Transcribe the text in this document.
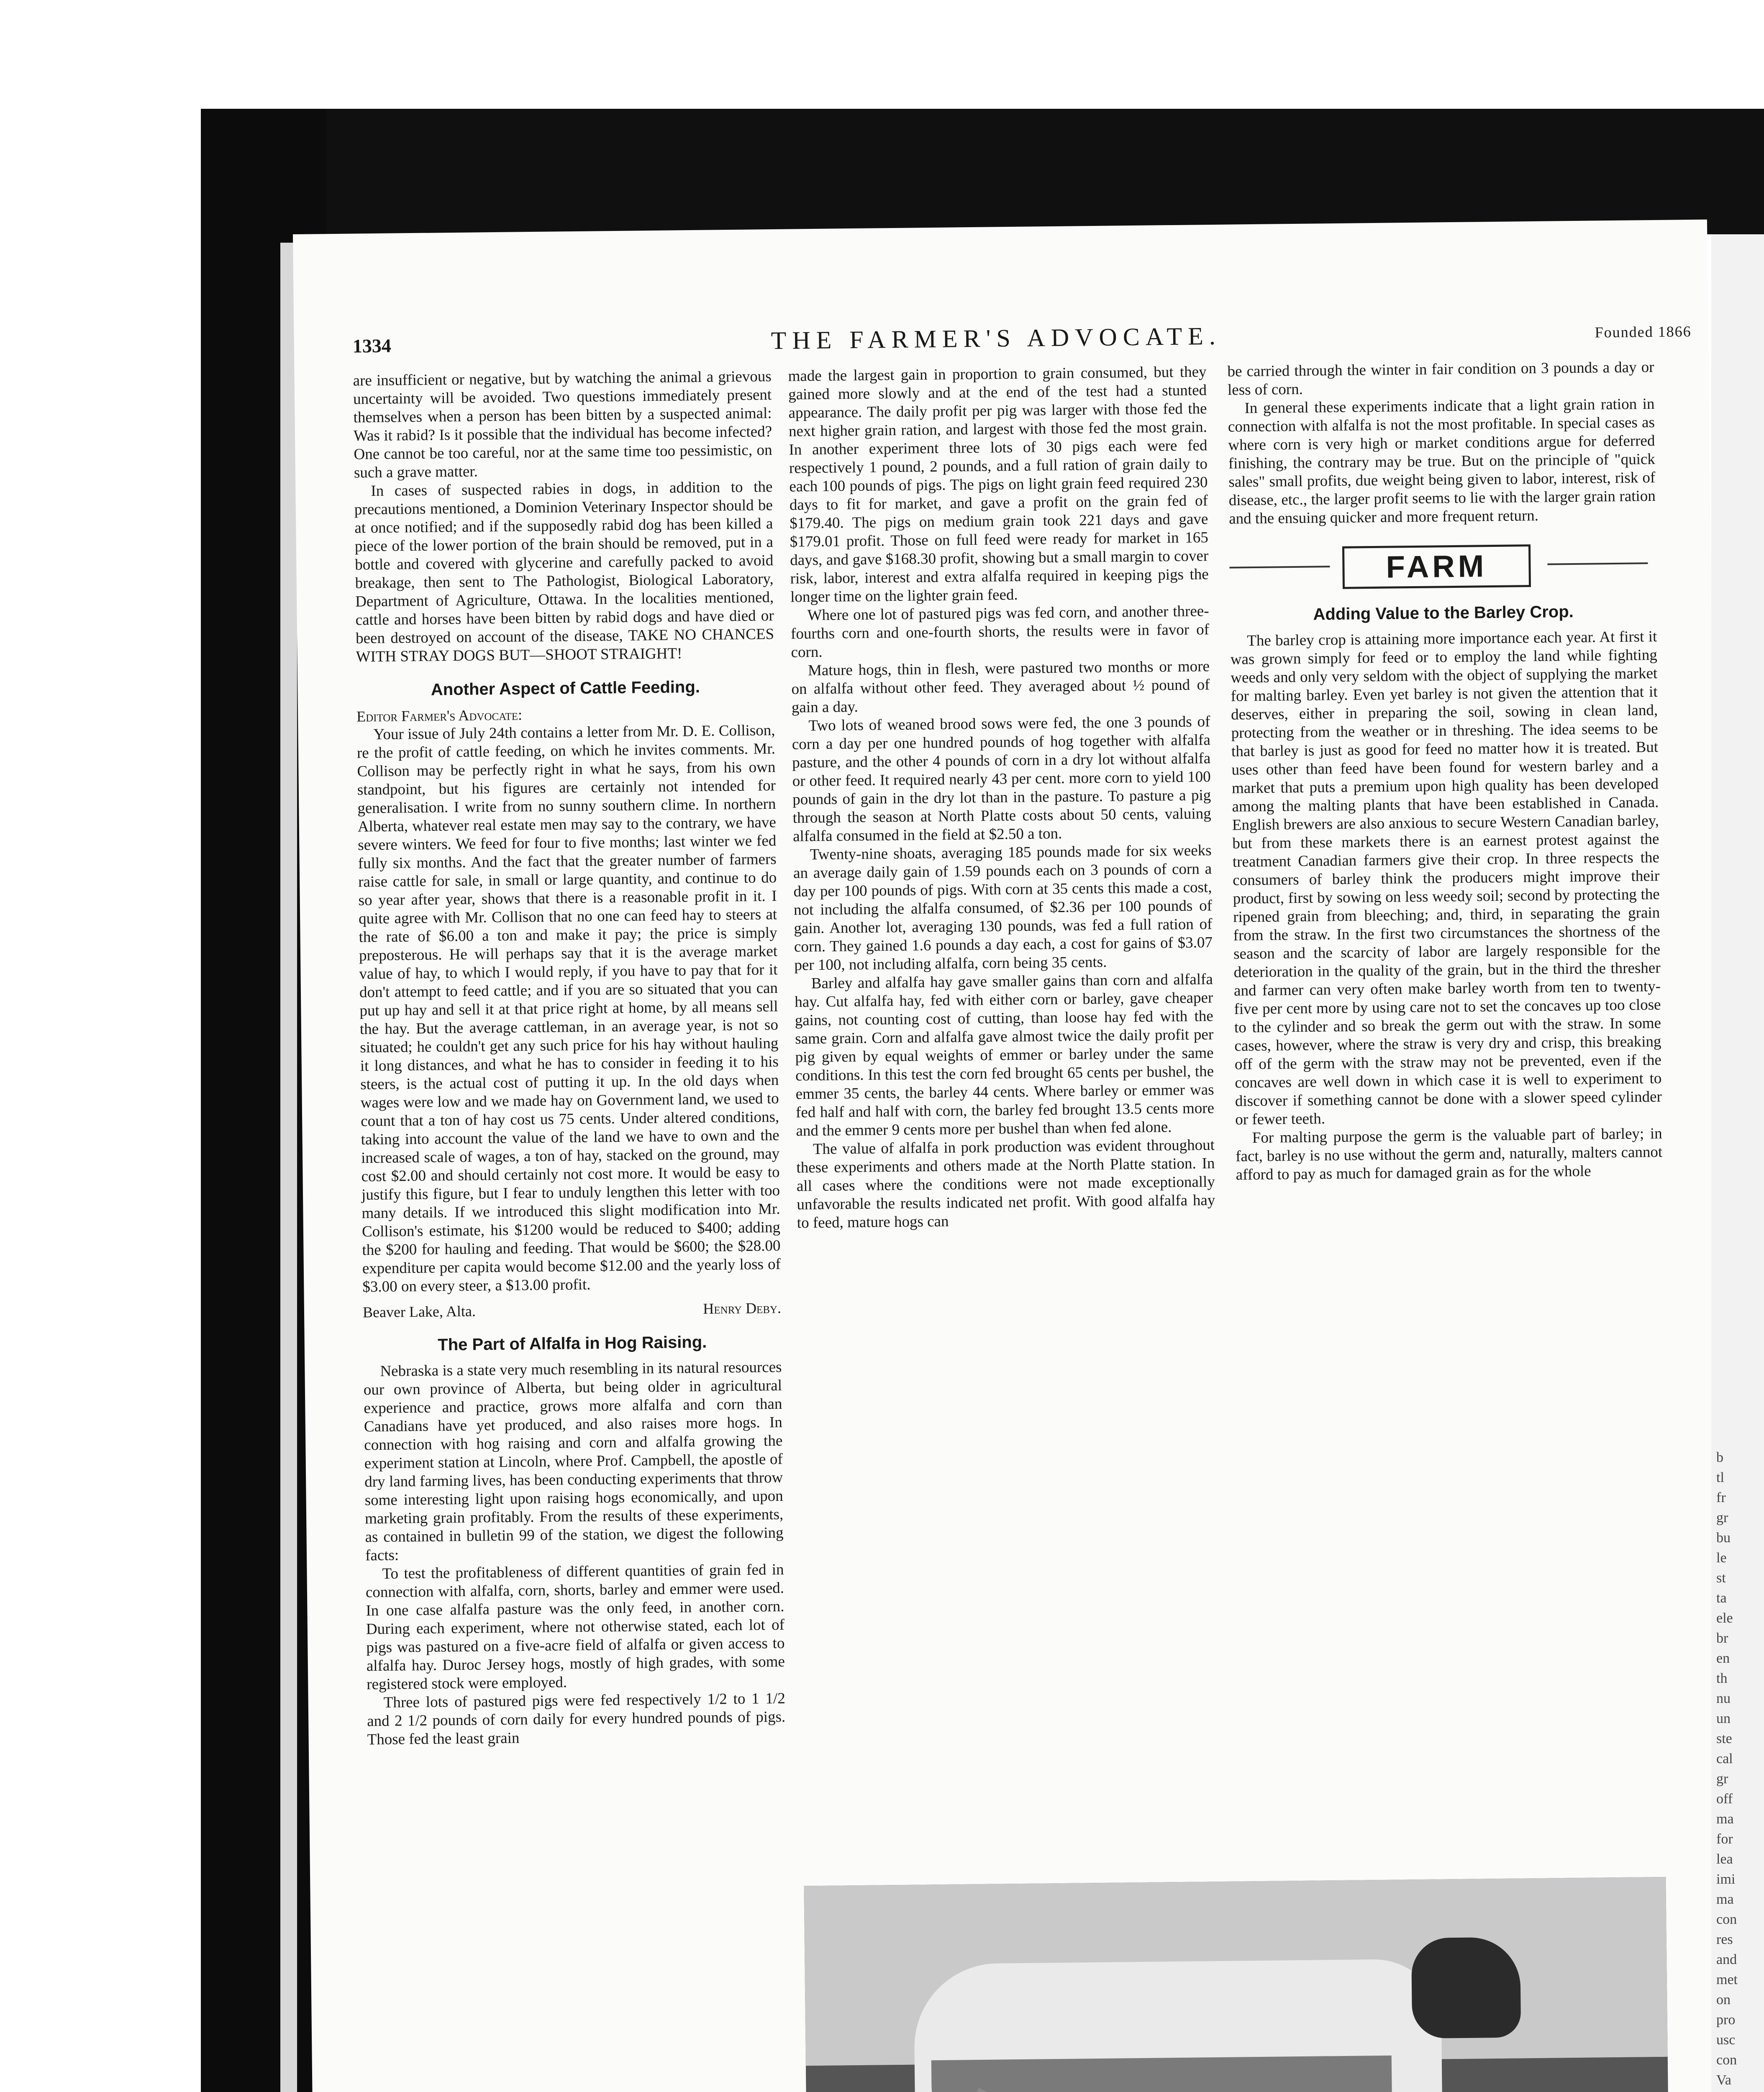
1334	THE FARMER'S ADVOCATE.	Founded 1866

are insufficient or negative, but by watching the animal a grievous uncertainty will be avoided. Two questions immediately present themselves when a person has been bitten by a suspected animal: Was it rabid? Is it possible that the individual has become infected? One cannot be too careful, nor at the same time too pessimistic, on such a grave matter.

In cases of suspected rabies in dogs, in addition to the precautions mentioned, a Dominion Veterinary Inspector should be at once notified; and if the supposedly rabid dog has been killed a piece of the lower portion of the brain should be removed, put in a bottle and covered with glycerine and carefully packed to avoid breakage, then sent to The Pathologist, Biological Laboratory, Department of Agriculture, Ottawa. In the localities mentioned, cattle and horses have been bitten by rabid dogs and have died or been destroyed on account of the disease, TAKE NO CHANCES WITH STRAY DOGS BUT—SHOOT STRAIGHT!

Another Aspect of Cattle Feeding.

Editor Farmer's Advocate:

Your issue of July 24th contains a letter from Mr. D. E. Collison, re the profit of cattle feeding, on which he invites comments. Mr. Collison may be perfectly right in what he says, from his own standpoint, but his figures are certainly not intended for generalisation. I write from no sunny southern clime. In northern Alberta, whatever real estate men may say to the contrary, we have severe winters. We feed for four to five months; last winter we fed fully six months. And the fact that the greater number of farmers raise cattle for sale, in small or large quantity, and continue to do so year after year, shows that there is a reasonable profit in it. I quite agree with Mr. Collison that no one can feed hay to steers at the rate of $6.00 a ton and make it pay; the price is simply preposterous. He will perhaps say that it is the average market value of hay, to which I would reply, if you have to pay that for it don't attempt to feed cattle; and if you are so situated that you can put up hay and sell it at that price right at home, by all means sell the hay. But the average cattleman, in an average year, is not so situated; he couldn't get any such price for his hay without hauling it long distances, and what he has to consider in feeding it to his steers, is the actual cost of putting it up. In the old days when wages were low and we made hay on Government land, we used to count that a ton of hay cost us 75 cents. Under altered conditions, taking into account the value of the land we have to own and the increased scale of wages, a ton of hay, stacked on the ground, may cost $2.00 and should certainly not cost more. It would be easy to justify this figure, but I fear to unduly lengthen this letter with too many details. If we introduced this slight modification into Mr. Collison's estimate, his $1200 would be reduced to $400; adding the $200 for hauling and feeding. That would be $600; the $28.00 expenditure per capita would become $12.00 and the yearly loss of $3.00 on every steer, a $13.00 profit.

Beaver Lake, Alta.	Henry Deby.
The Part of Alfalfa in Hog Raising.

Nebraska is a state very much resembling in its natural resources our own province of Alberta, but being older in agricultural experience and practice, grows more alfalfa and corn than Canadians have yet produced, and also raises more hogs. In connection with hog raising and corn and alfalfa growing the experiment station at Lincoln, where Prof. Campbell, the apostle of dry land farming lives, has been conducting experiments that throw some interesting light upon raising hogs economically, and upon marketing grain profitably. From the results of these experiments, as contained in bulletin 99 of the station, we digest the following facts:

To test the profitableness of different quantities of grain fed in connection with alfalfa, corn, shorts, barley and emmer were used. In one case alfalfa pasture was the only feed, in another corn. During each experiment, where not otherwise stated, each lot of pigs was pastured on a five-acre field of alfalfa or given access to alfalfa hay. Duroc Jersey hogs, mostly of high grades, with some registered stock were employed.

Three lots of pastured pigs were fed respectively 1/2 to 1 1/2 and 2 1/2 pounds of corn daily for every hundred pounds of pigs. Those fed the least grain

made the largest gain in proportion to grain consumed, but they gained more slowly and at the end of the test had a stunted appearance. The daily profit per pig was larger with those fed the next higher grain ration, and largest with those fed the most grain. In another experiment three lots of 30 pigs each were fed respectively 1 pound, 2 pounds, and a full ration of grain daily to each 100 pounds of pigs. The pigs on light grain feed required 230 days to fit for market, and gave a profit on the grain fed of $179.40. The pigs on medium grain took 221 days and gave $179.01 profit. Those on full feed were ready for market in 165 days, and gave $168.30 profit, showing but a small margin to cover risk, labor, interest and extra alfalfa required in keeping pigs the longer time on the lighter grain feed.

Where one lot of pastured pigs was fed corn, and another three-fourths corn and one-fourth shorts, the results were in favor of corn.

Mature hogs, thin in flesh, were pastured two months or more on alfalfa without other feed. They averaged about ½ pound of gain a day.

Two lots of weaned brood sows were fed, the one 3 pounds of corn a day per one hundred pounds of hog together with alfalfa pasture, and the other 4 pounds of corn in a dry lot without alfalfa or other feed. It required nearly 43 per cent. more corn to yield 100 pounds of gain in the dry lot than in the pasture. To pasture a pig through the season at North Platte costs about 50 cents, valuing alfalfa consumed in the field at $2.50 a ton.

Twenty-nine shoats, averaging 185 pounds made for six weeks an average daily gain of 1.59 pounds each on 3 pounds of corn a day per 100 pounds of pigs. With corn at 35 cents this made a cost, not including the alfalfa consumed, of $2.36 per 100 pounds of gain. Another lot, averaging 130 pounds, was fed a full ration of corn. They gained 1.6 pounds a day each, a cost for gains of $3.07 per 100, not including alfalfa, corn being 35 cents.

Barley and alfalfa hay gave smaller gains than corn and alfalfa hay. Cut alfalfa hay, fed with either corn or barley, gave cheaper gains, not counting cost of cutting, than loose hay fed with the same grain. Corn and alfalfa gave almost twice the daily profit per pig given by equal weights of emmer or barley under the same conditions. In this test the corn fed brought 65 cents per bushel, the emmer 35 cents, the barley 44 cents. Where barley or emmer was fed half and half with corn, the barley fed brought 13.5 cents more and the emmer 9 cents more per bushel than when fed alone.

The value of alfalfa in pork production was evident throughout these experiments and others made at the North Platte station. In all cases where the conditions were not made exceptionally unfavorable the results indicated net profit. With good alfalfa hay to feed, mature hogs can

be carried through the winter in fair condition on 3 pounds a day or less of corn.

In general these experiments indicate that a light grain ration in connection with alfalfa is not the most profitable. In special cases as where corn is very high or market conditions argue for deferred finishing, the contrary may be true. But on the principle of "quick sales" small profits, due weight being given to labor, interest, risk of disease, etc., the larger profit seems to lie with the larger grain ration and the ensuing quicker and more frequent return.

FARM
Adding Value to the Barley Crop.

The barley crop is attaining more importance each year. At first it was grown simply for feed or to employ the land while fighting weeds and only very seldom with the object of supplying the market for malting barley. Even yet barley is not given the attention that it deserves, either in preparing the soil, sowing in clean land, protecting from the weather or in threshing. The idea seems to be that barley is just as good for feed no matter how it is treated. But uses other than feed have been found for western barley and a market that puts a premium upon high quality has been developed among the malting plants that have been established in Canada. English brewers are also anxious to secure Western Canadian barley, but from these markets there is an earnest protest against the treatment Canadian farmers give their crop. In three respects the consumers of barley think the producers might improve their product, first by sowing on less weedy soil; second by protecting the ripened grain from bleeching; and, third, in separating the grain from the straw. In the first two circumstances the shortness of the season and the scarcity of labor are largely responsible for the deterioration in the quality of the grain, but in the third the thresher and farmer can very often make barley worth from ten to twenty-five per cent more by using care not to set the concaves up too close to the cylinder and so break the germ out with the straw. In some cases, however, where the straw is very dry and crisp, this breaking off of the germ with the straw may not be prevented, even if the concaves are well down in which case it is well to experiment to discover if something cannot be done with a slower speed cylinder or fewer teeth.

For malting purpose the germ is the valuable part of barley; in fact, barley is no use without the germ and, naturally, malters cannot afford to pay as much for damaged grain as for the whole

b
tl
fr
gr
bu
le
st
ta
ele
br
en
th
nu
un
ste
cal
gr
off
ma
for
lea
imi
ma
con
res
and
met
on
pro
usc
con
Va
